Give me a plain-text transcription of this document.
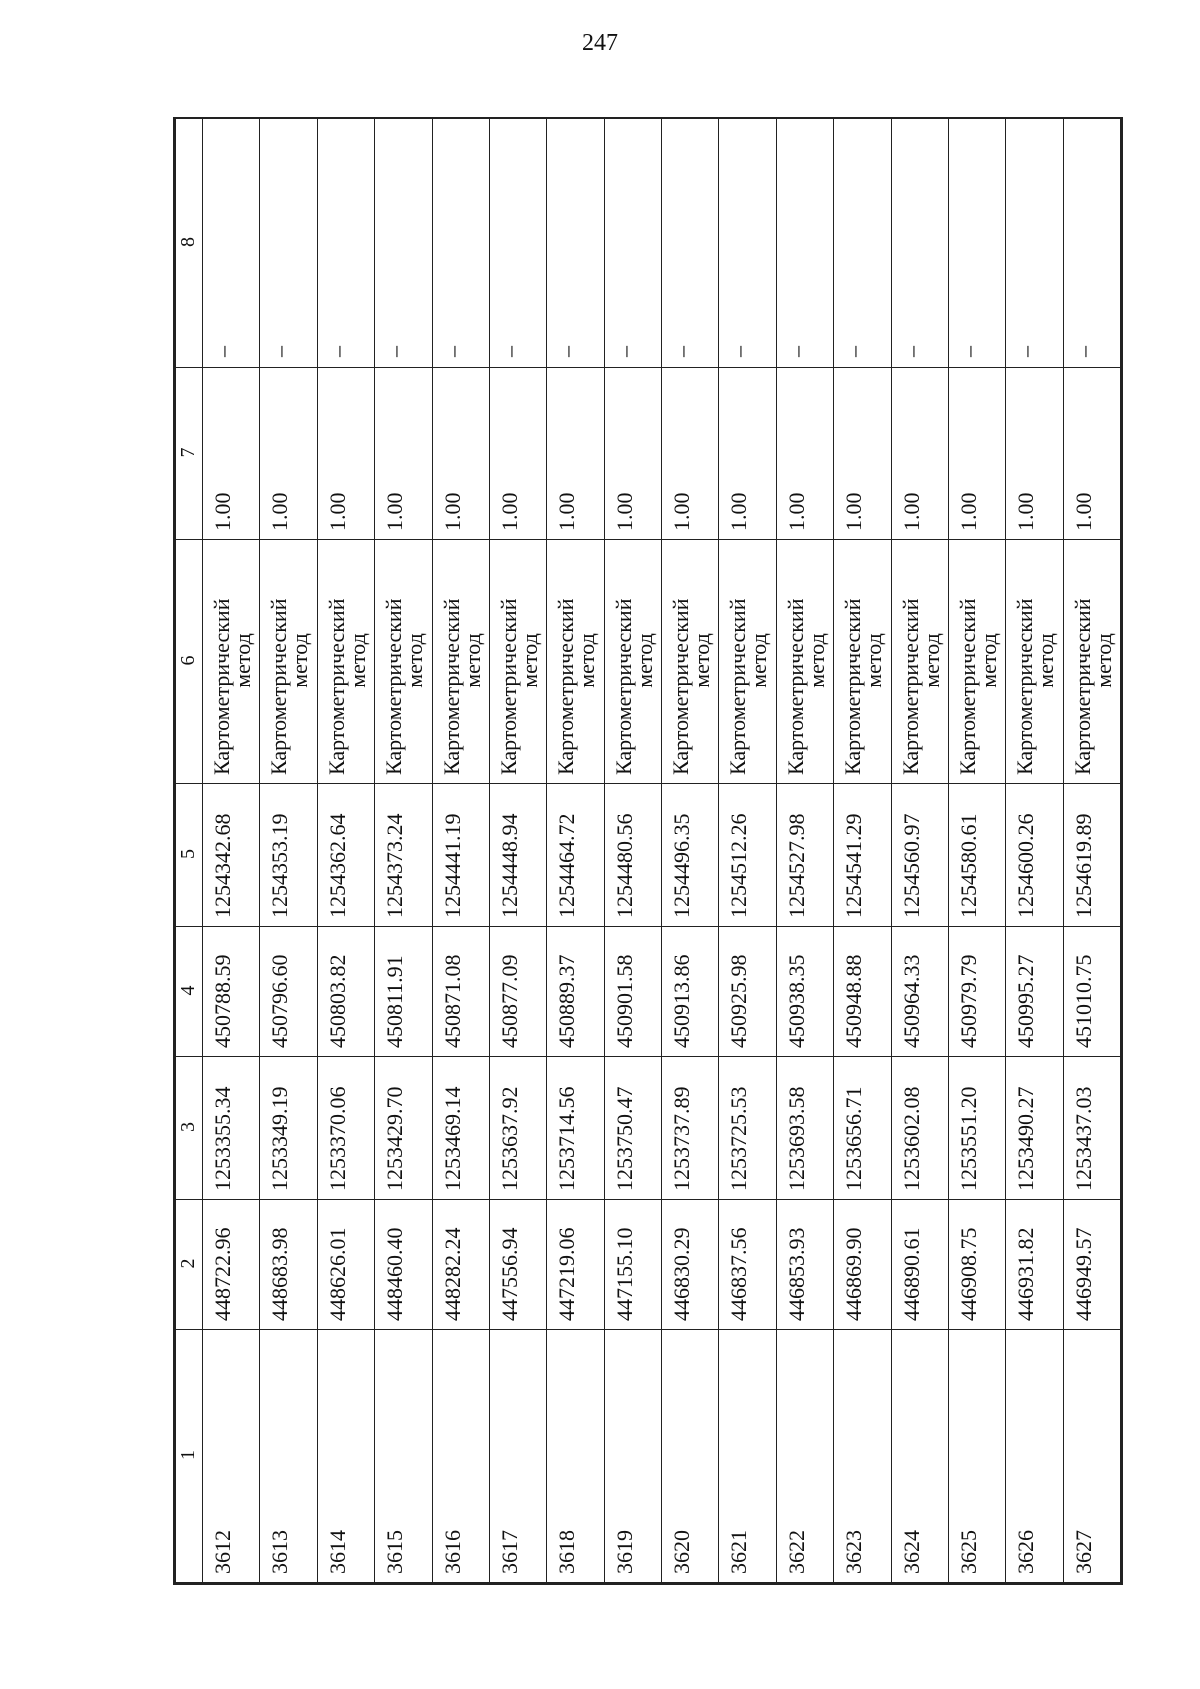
247
1	2	3	4	5	6	7	8
3612	448722.96	1253355.34	450788.59	1254342.68	Картометрический
метод	1.00	–
3613	448683.98	1253349.19	450796.60	1254353.19	Картометрический
метод	1.00	–
3614	448626.01	1253370.06	450803.82	1254362.64	Картометрический
метод	1.00	–
3615	448460.40	1253429.70	450811.91	1254373.24	Картометрический
метод	1.00	–
3616	448282.24	1253469.14	450871.08	1254441.19	Картометрический
метод	1.00	–
3617	447556.94	1253637.92	450877.09	1254448.94	Картометрический
метод	1.00	–
3618	447219.06	1253714.56	450889.37	1254464.72	Картометрический
метод	1.00	–
3619	447155.10	1253750.47	450901.58	1254480.56	Картометрический
метод	1.00	–
3620	446830.29	1253737.89	450913.86	1254496.35	Картометрический
метод	1.00	–
3621	446837.56	1253725.53	450925.98	1254512.26	Картометрический
метод	1.00	–
3622	446853.93	1253693.58	450938.35	1254527.98	Картометрический
метод	1.00	–
3623	446869.90	1253656.71	450948.88	1254541.29	Картометрический
метод	1.00	–
3624	446890.61	1253602.08	450964.33	1254560.97	Картометрический
метод	1.00	–
3625	446908.75	1253551.20	450979.79	1254580.61	Картометрический
метод	1.00	–
3626	446931.82	1253490.27	450995.27	1254600.26	Картометрический
метод	1.00	–
3627	446949.57	1253437.03	451010.75	1254619.89	Картометрический
метод	1.00	–
